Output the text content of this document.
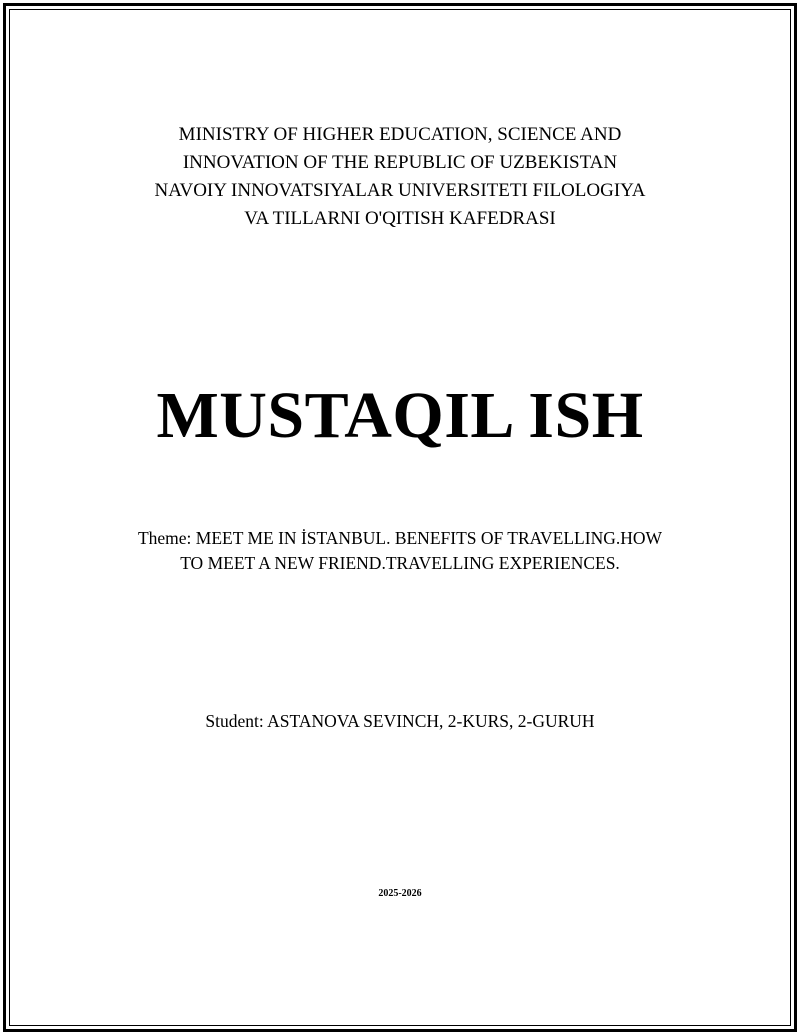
MINISTRY OF HIGHER EDUCATION, SCIENCE AND
INNOVATION OF THE REPUBLIC OF UZBEKISTAN
NAVOIY INNOVATSIYALAR UNIVERSITETI FILOLOGIYA
VA TILLARNI O'QITISH KAFEDRASI
MUSTAQIL ISH
Theme: MEET ME IN İSTANBUL. BENEFITS OF TRAVELLING.HOW
TO MEET A NEW FRIEND.TRAVELLING EXPERIENCES.
Student: ASTANOVA SEVINCH, 2-KURS, 2-GURUH
2025-2026
